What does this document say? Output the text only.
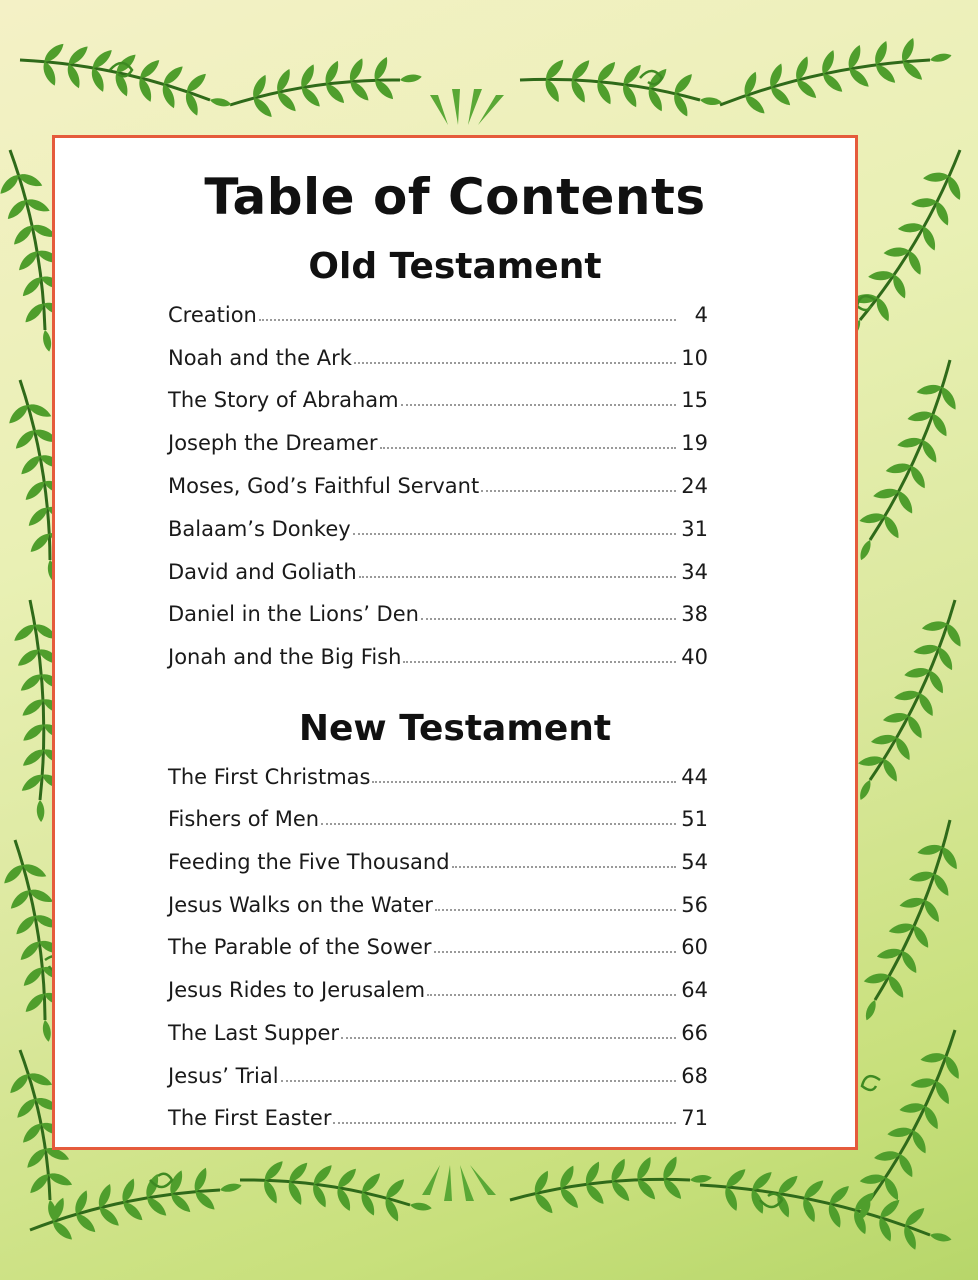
Table of Contents
Old Testament
Creation	4
Noah and the Ark	10
The Story of Abraham	15
Joseph the Dreamer	19
Moses, God’s Faithful Servant	24
Balaam’s Donkey	31
David and Goliath	34
Daniel in the Lions’ Den	38
Jonah and the Big Fish	40
New Testament
The First Christmas	44
Fishers of Men	51
Feeding the Five Thousand	54
Jesus Walks on the Water	56
The Parable of the Sower	60
Jesus Rides to Jerusalem	64
The Last Supper	66
Jesus’ Trial	68
The First Easter	71
